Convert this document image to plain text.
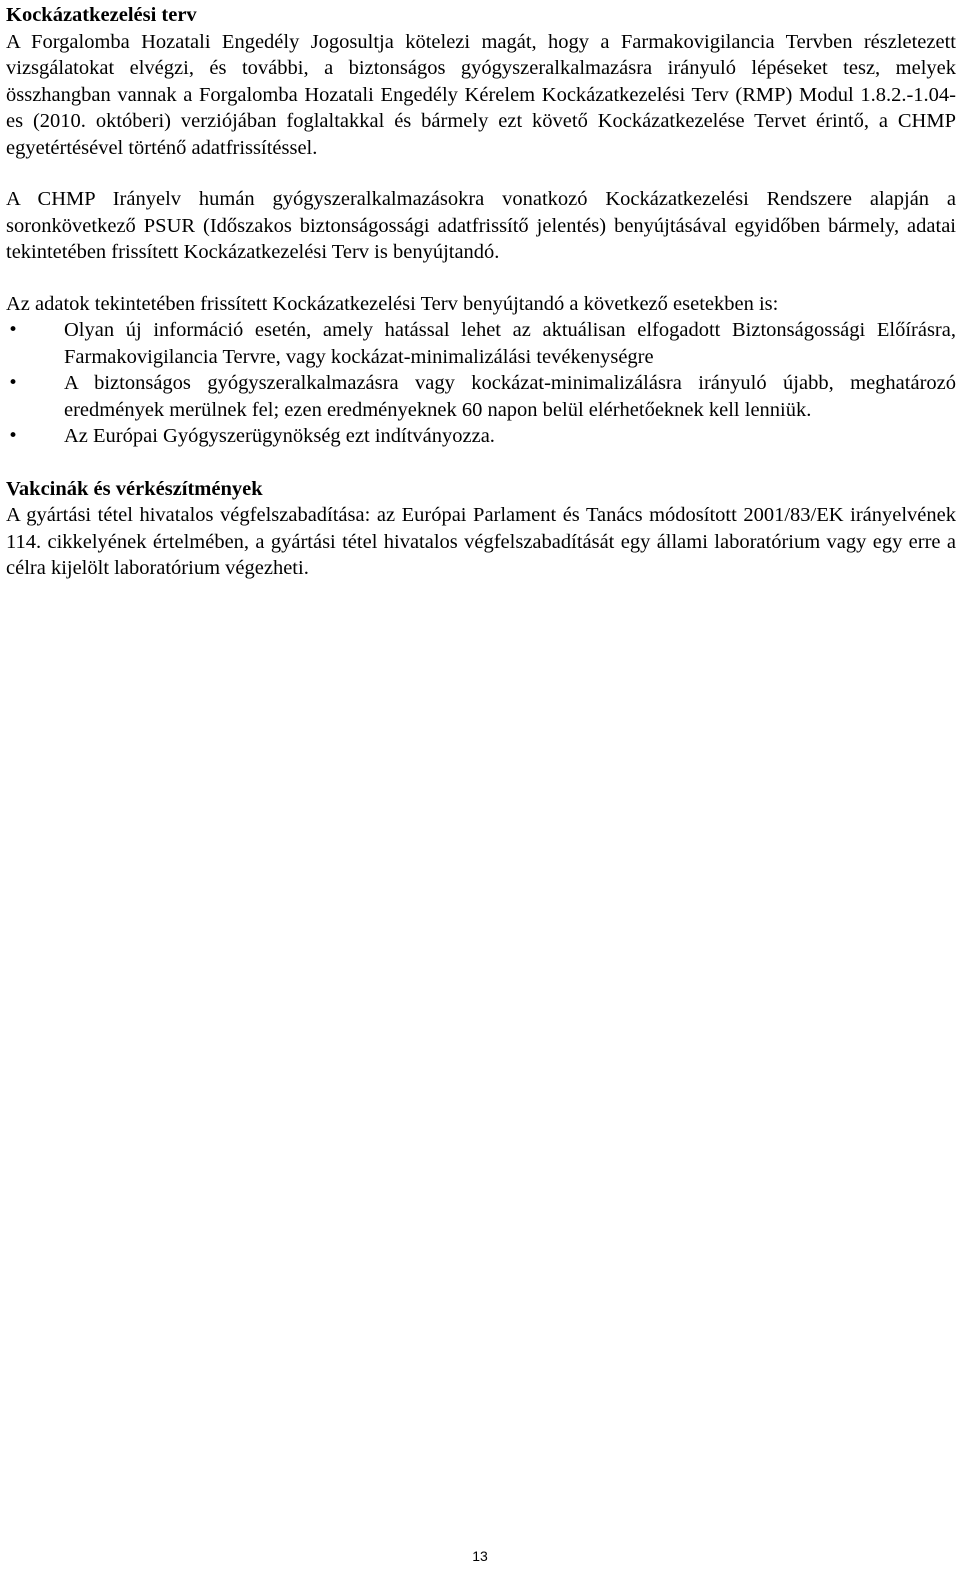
Kockázatkezelési terv

A Forgalomba Hozatali Engedély Jogosultja kötelezi magát, hogy a Farmakovigilancia Tervben részletezett vizsgálatokat elvégzi, és további, a biztonságos gyógyszeralkalmazásra irányuló lépéseket tesz, melyek összhangban vannak a Forgalomba Hozatali Engedély Kérelem Kockázatkezelési Terv (RMP) Modul 1.8.2.-1.04-es (2010. októberi) verziójában foglaltakkal és bármely ezt követő Kockázatkezelése Tervet érintő, a CHMP egyetértésével történő adatfrissítéssel.

A CHMP Irányelv humán gyógyszeralkalmazásokra vonatkozó Kockázatkezelési Rendszere alapján a soronkövetkező PSUR (Időszakos biztonságossági adatfrissítő jelentés) benyújtásával egyidőben bármely, adatai tekintetében frissített Kockázatkezelési Terv is benyújtandó.

Az adatok tekintetében frissített Kockázatkezelési Terv benyújtandó a következő esetekben is:

• Olyan új információ esetén, amely hatással lehet az aktuálisan elfogadott Biztonságossági Előírásra, Farmakovigilancia Tervre, vagy kockázat-minimalizálási tevékenységre
• A biztonságos gyógyszeralkalmazásra vagy kockázat-minimalizálásra irányuló újabb, meghatározó eredmények merülnek fel; ezen eredményeknek 60 napon belül elérhetőeknek kell lenniük.
• Az Európai Gyógyszerügynökség ezt indítványozza.
Vakcinák és vérkészítmények

A gyártási tétel hivatalos végfelszabadítása: az Európai Parlament és Tanács módosított 2001/83/EK irányelvének 114. cikkelyének értelmében, a gyártási tétel hivatalos végfelszabadítását egy állami laboratórium vagy egy erre a célra kijelölt laboratórium végezheti.

13
